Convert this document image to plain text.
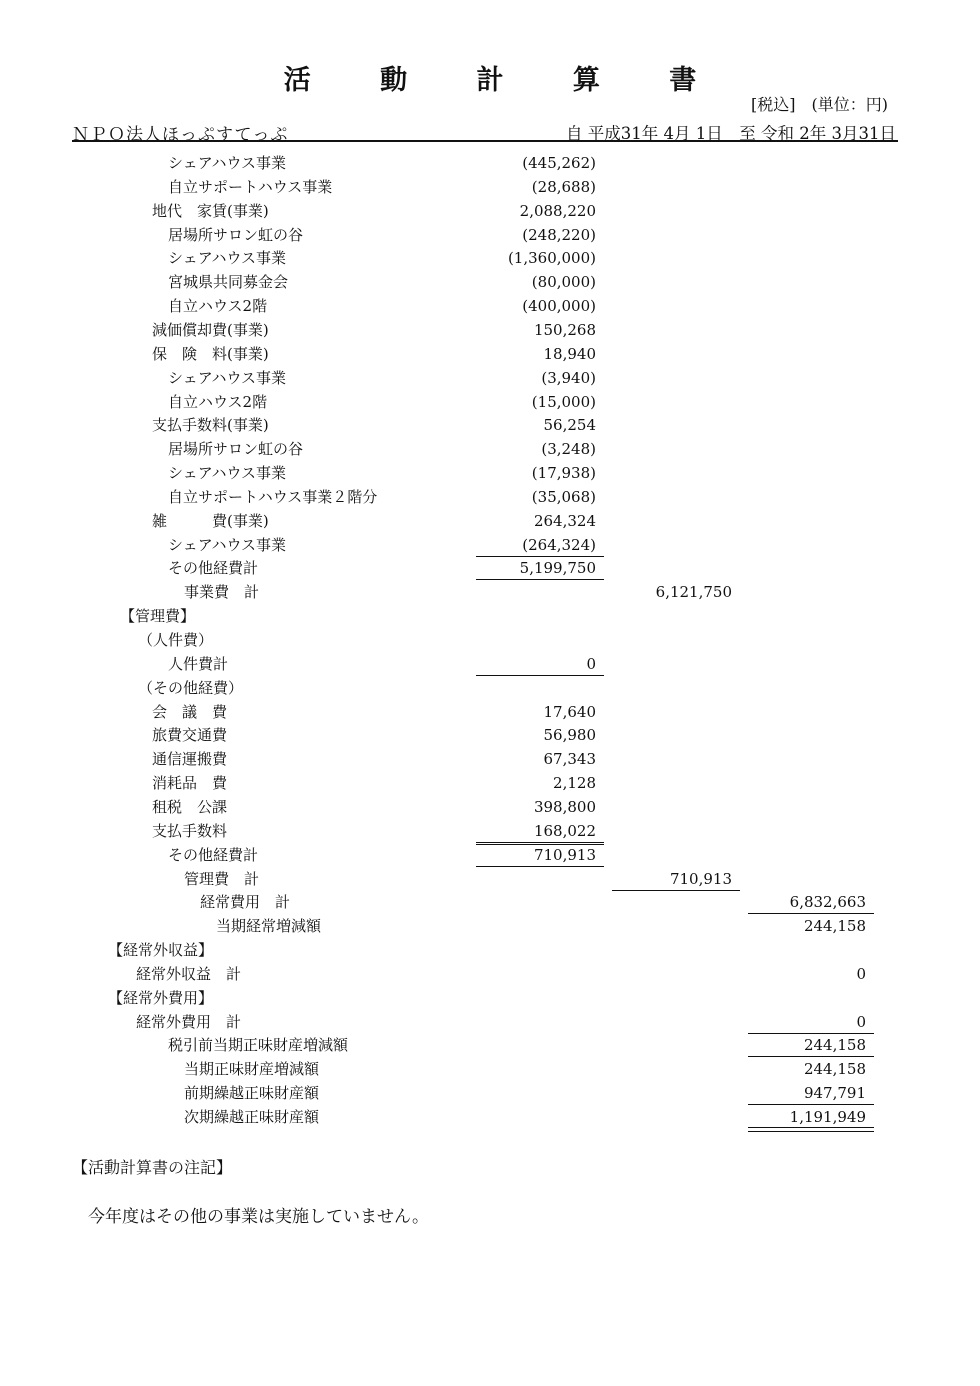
活 動 計 算 書
[税込]　(単位：円)
ＮＰＯ法人ほっぷすてっぷ	自 平成31年 4月 1日　至 令和 2年 3月31日
シェアハウス事業	(445,262)
自立サポートハウス事業	(28,688)
地代　家賃(事業)	2,088,220
居場所サロン虹の谷	(248,220)
シェアハウス事業	(1,360,000)
宮城県共同募金会	(80,000)
自立ハウス2階	(400,000)
減価償却費(事業)	150,268
保　険　料(事業)	18,940
シェアハウス事業	(3,940)
自立ハウス2階	(15,000)
支払手数料(事業)	56,254
居場所サロン虹の谷	(3,248)
シェアハウス事業	(17,938)
自立サポートハウス事業２階分	(35,068)
雑　　　費(事業)	264,324
シェアハウス事業	(264,324)
その他経費計	5,199,750
事業費　計	6,121,750
【管理費】
（人件費）
人件費計	0
（その他経費）
会　議　費	17,640
旅費交通費	56,980
通信運搬費	67,343
消耗品　費	2,128
租税　公課	398,800
支払手数料	168,022
その他経費計	710,913
管理費　計	710,913
経常費用　計	6,832,663
当期経常増減額	244,158
【経常外収益】
経常外収益　計	0
【経常外費用】
経常外費用　計	0
税引前当期正味財産増減額	244,158
当期正味財産増減額	244,158
前期繰越正味財産額	947,791
次期繰越正味財産額	1,191,949
【活動計算書の注記】
今年度はその他の事業は実施していません。
